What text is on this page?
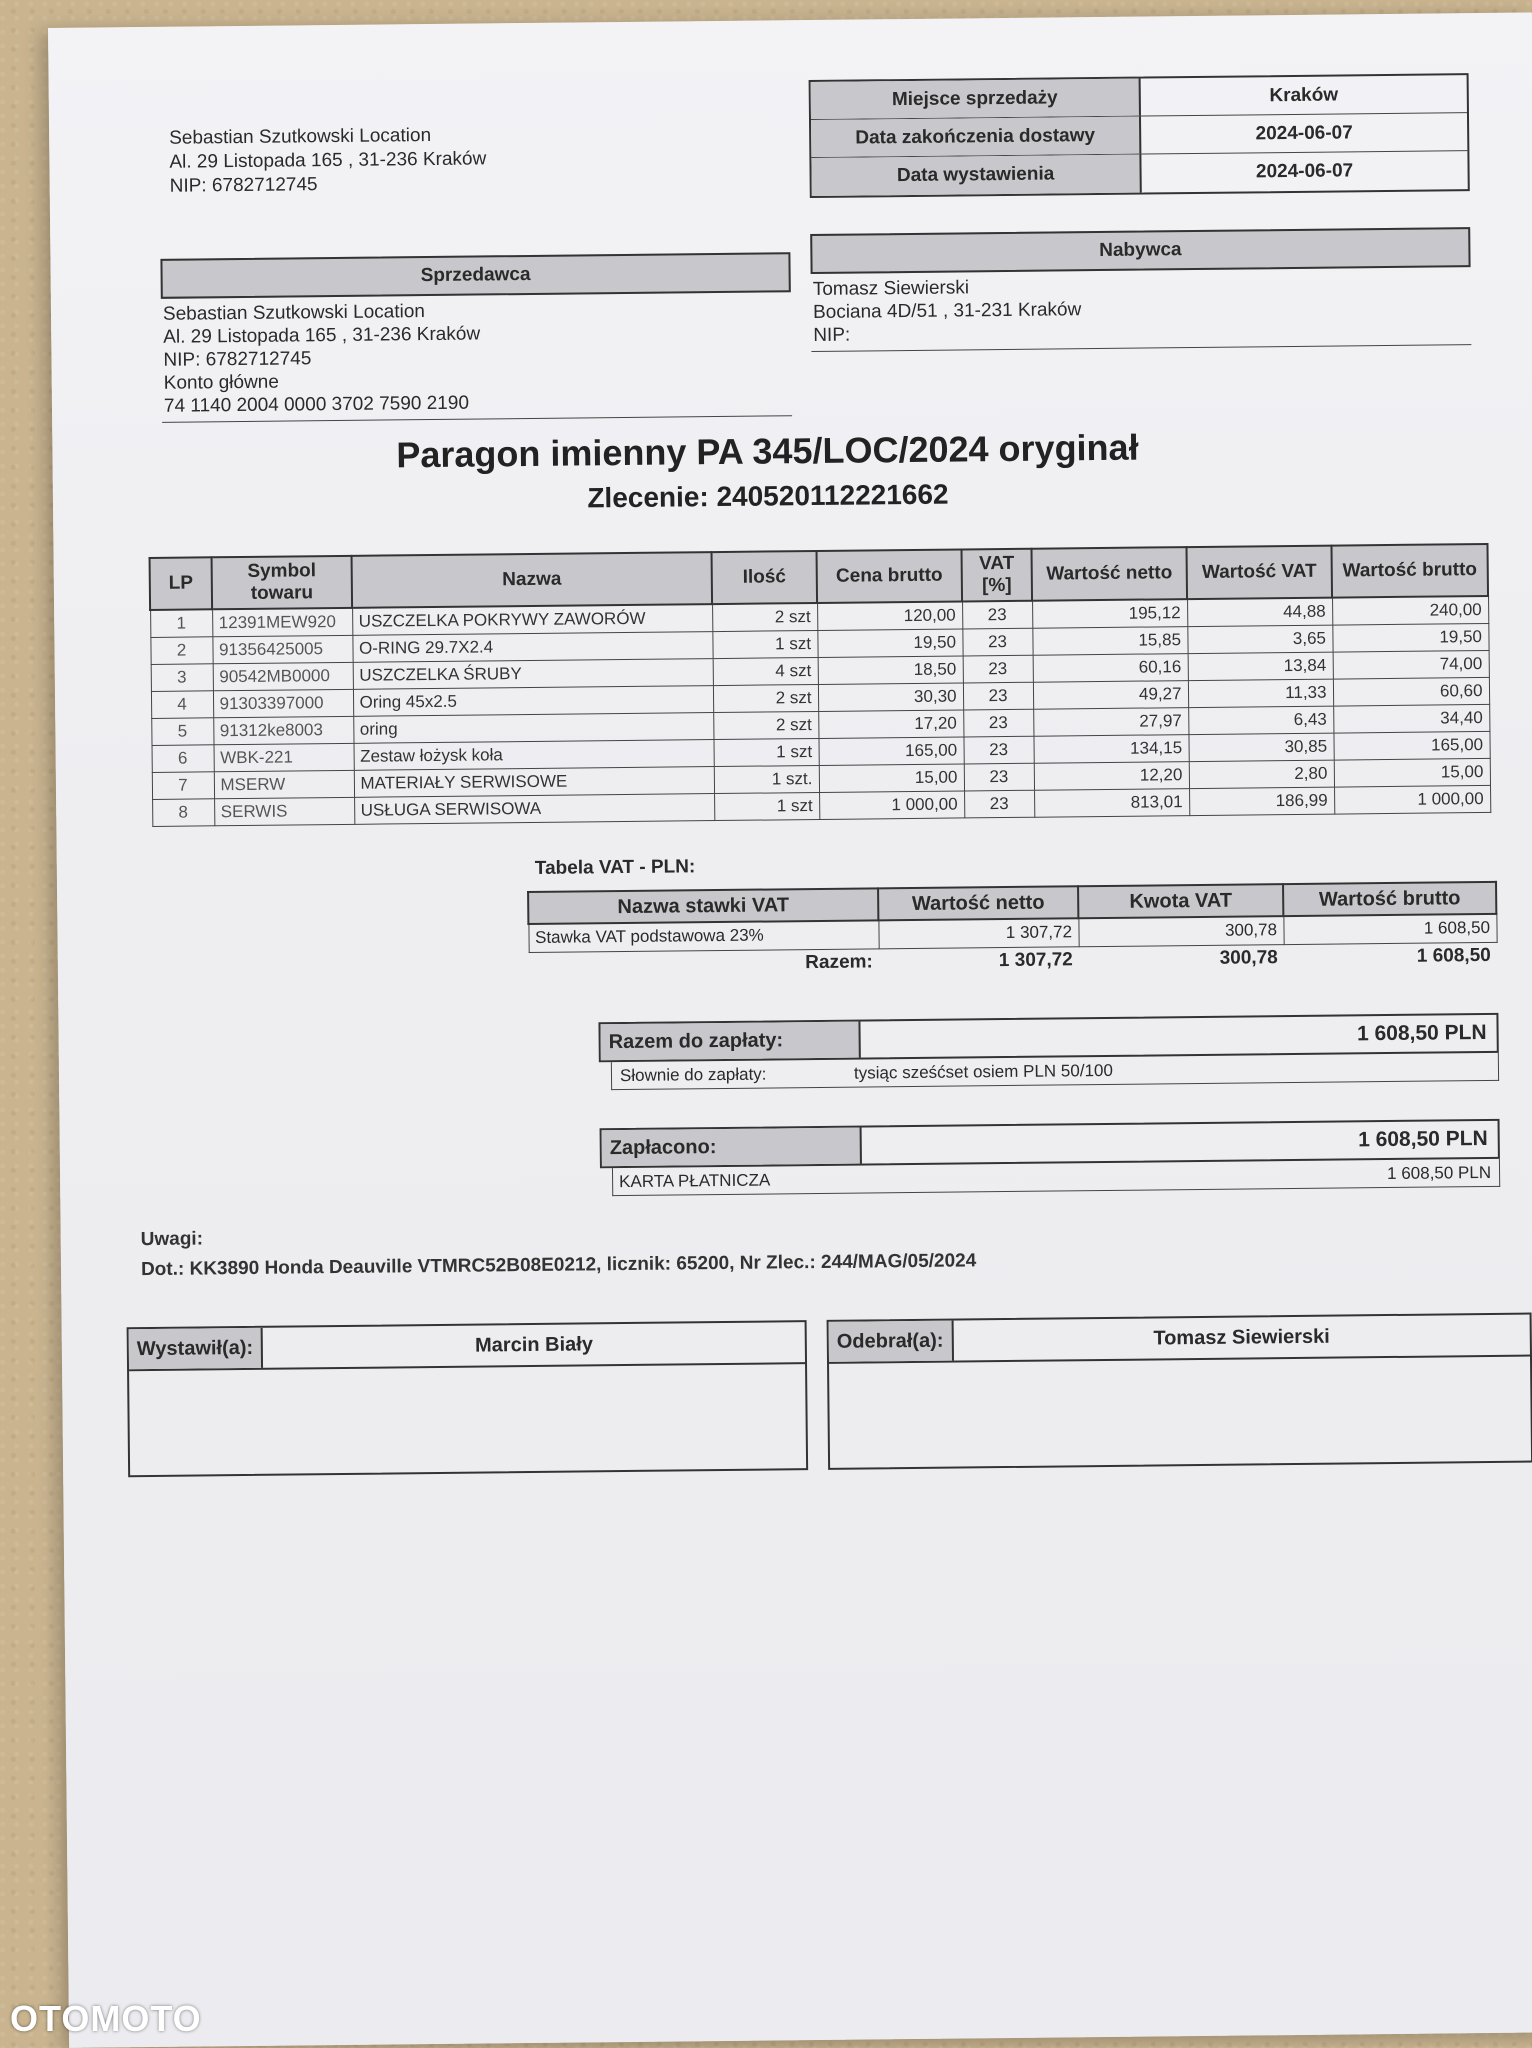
Sebastian Szutkowski Location
Al. 29 Listopada 165 , 31-236 Kraków
NIP: 6782712745
Miejsce sprzedaży	Kraków
Data zakończenia dostawy	2024-06-07
Data wystawienia	2024-06-07
Sprzedawca
Sebastian Szutkowski Location
Al. 29 Listopada 165 , 31-236 Kraków
NIP: 6782712745
Konto główne
74 1140 2004 0000 3702 7590 2190
Nabywca
Tomasz Siewierski
Bociana 4D/51 , 31-231 Kraków
NIP:
Paragon imienny PA 345/LOC/2024 oryginał
Zlecenie: 240520112221662
LP	Symbol towaru	Nazwa	Ilość	Cena brutto	VAT [%]	Wartość netto	Wartość VAT	Wartość brutto
1	12391MEW920	USZCZELKA POKRYWY ZAWORÓW	2 szt	120,00	23	195,12	44,88	240,00
2	91356425005	O-RING 29.7X2.4	1 szt	19,50	23	15,85	3,65	19,50
3	90542MB0000	USZCZELKA ŚRUBY	4 szt	18,50	23	60,16	13,84	74,00
4	91303397000	Oring 45x2.5	2 szt	30,30	23	49,27	11,33	60,60
5	91312ke8003	oring	2 szt	17,20	23	27,97	6,43	34,40
6	WBK-221	Zestaw łożysk koła	1 szt	165,00	23	134,15	30,85	165,00
7	MSERW	MATERIAŁY SERWISOWE	1 szt.	15,00	23	12,20	2,80	15,00
8	SERWIS	USŁUGA SERWISOWA	1 szt	1 000,00	23	813,01	186,99	1 000,00
Tabela VAT - PLN:
Nazwa stawki VAT	Wartość netto	Kwota VAT	Wartość brutto
Stawka VAT podstawowa 23%	1 307,72	300,78	1 608,50
Razem:	1 307,72	300,78	1 608,50
Razem do zapłaty:	1 608,50 PLN
Słownie do zapłaty:	tysiąc sześćset osiem PLN 50/100
Zapłacono:	1 608,50 PLN
KARTA PŁATNICZA	1 608,50 PLN
Uwagi:
Dot.: KK3890 Honda Deauville VTMRC52B08E0212, licznik: 65200, Nr Zlec.: 244/MAG/05/2024
Wystawił(a):	Marcin Biały	Odebrał(a):	Tomasz Siewierski
OTOMOTO
